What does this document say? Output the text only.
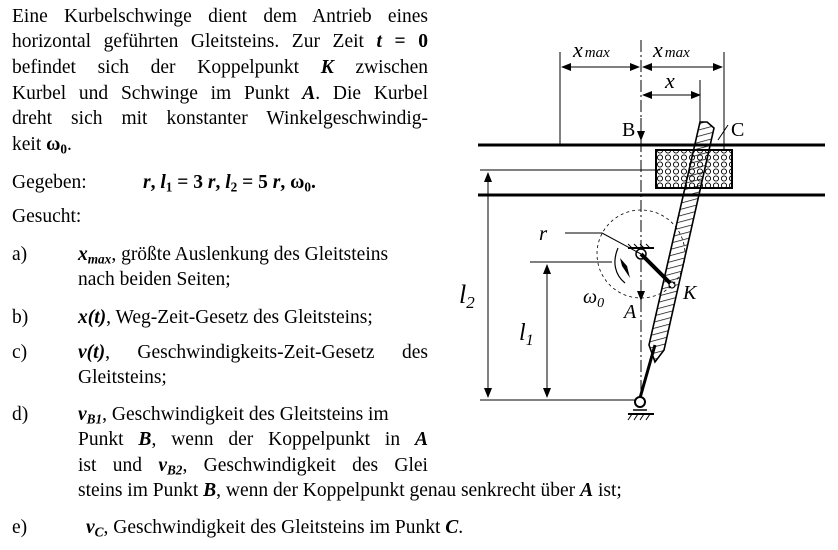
Eine Kurbelschwinge dient dem Antrieb eines
horizontal geführten Gleitsteins. Zur Zeit t = 0
befindet sich der Koppelpunkt K zwischen
Kurbel und Schwinge im Punkt A. Die Kurbel
dreht sich mit konstanter Winkelgeschwindig-
keit $\omega_0$.
Gegeben:	r, $l_1 = 3$ r, $l_2 = 5$ r, $\omega_0$.
Gesucht:
a)	$x_{max}$, größte Auslenkung des Gleitsteins
nach beiden Seiten;
b)	x(t), Weg-Zeit-Gesetz des Gleitsteins;
c)	v(t), Geschwindigkeits-Zeit-Gesetz des
Gleitsteins;
d)	$v_{B1}$, Geschwindigkeit des Gleitsteins im
Punkt B, wenn der Koppelpunkt in A
ist und $v_{B2}$, Geschwindigkeit des Glei
steins im Punkt B, wenn der Koppelpunkt genau senkrecht über A ist;
e)	$v_C$, Geschwindigkeit des Gleitsteins im Punkt C.
x max x max
x
B	C
r
K
A
$\omega_0$
l2
$l_1$
